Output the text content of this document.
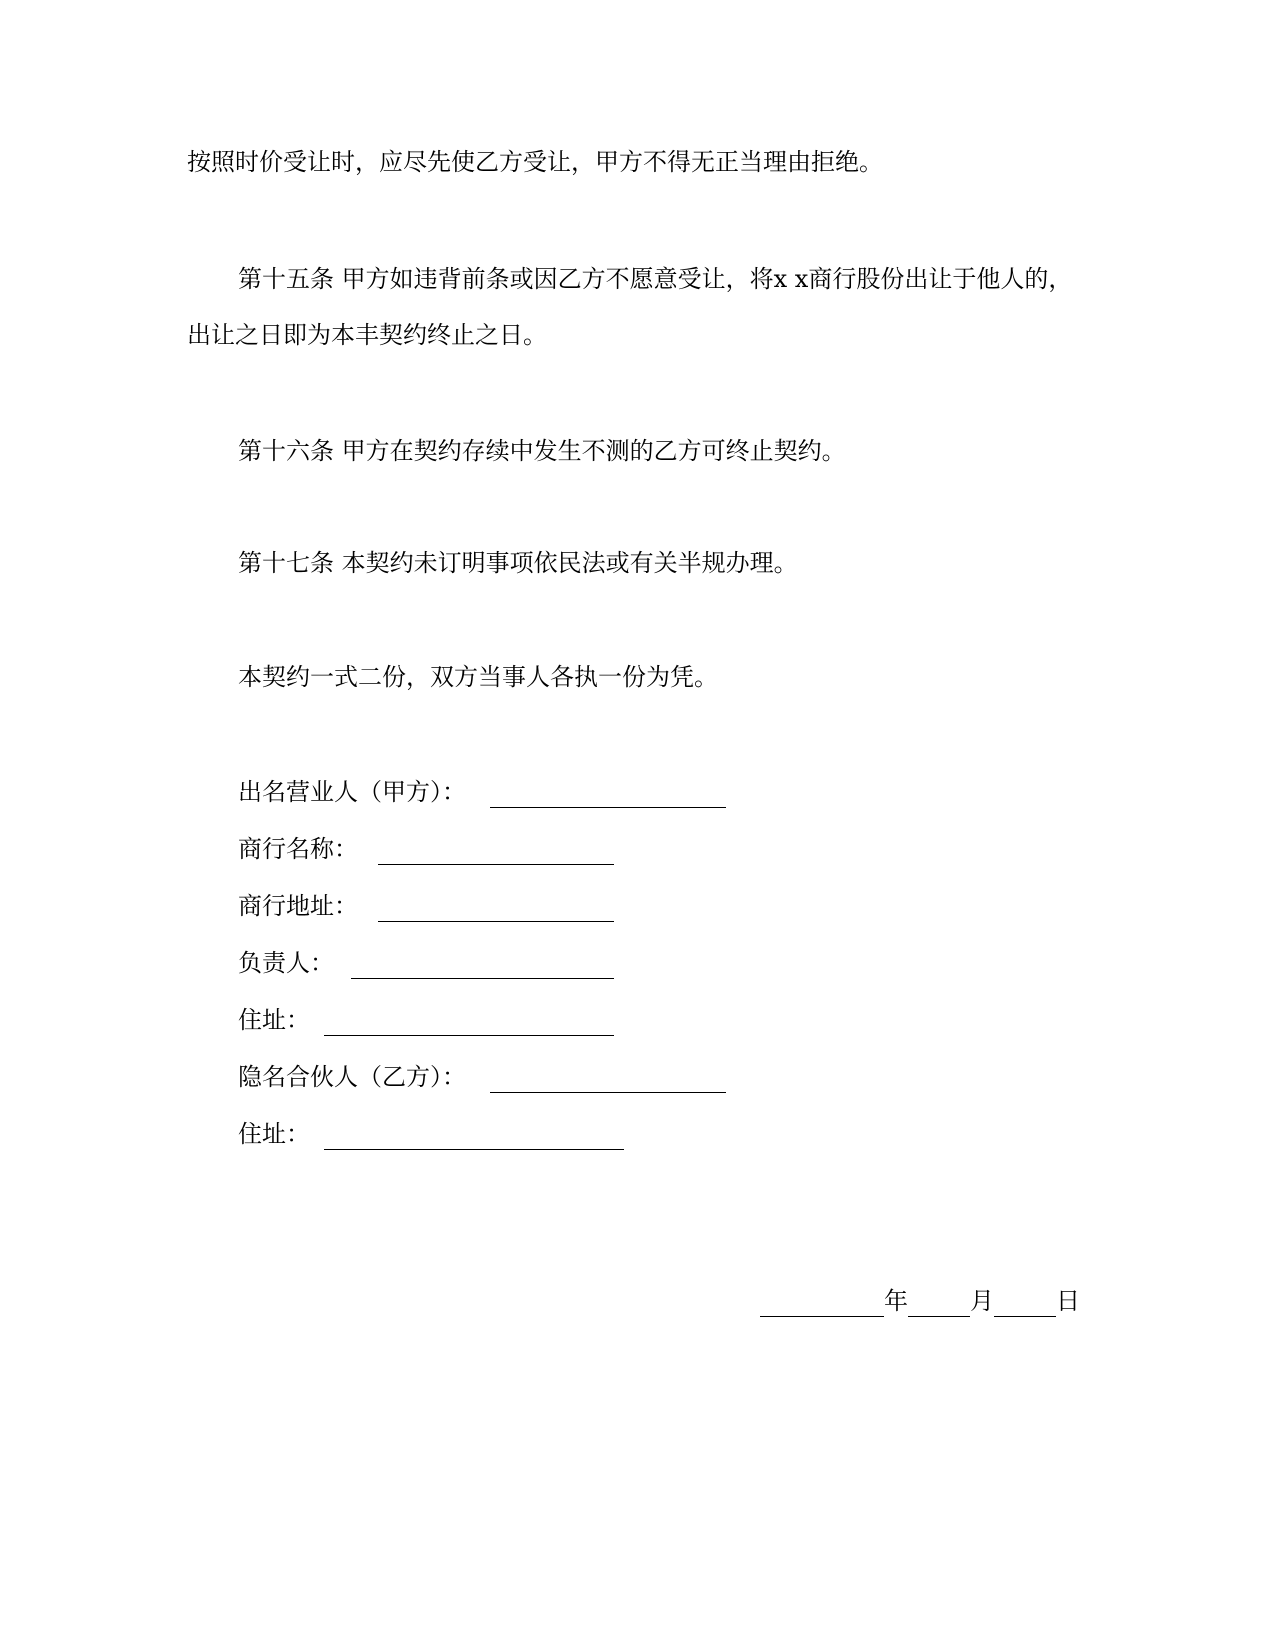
按照时价受让时，应尽先使乙方受让，甲方不得无正当理由拒绝。
第十五条 甲方如违背前条或因乙方不愿意受让，将x x商行股份出让于他人的，
出让之日即为本丰契约终止之日。
第十六条 甲方在契约存续中发生不测的乙方可终止契约。
第十七条 本契约未订明事项依民法或有关半规办理。
本契约一式二份，双方当事人各执一份为凭。
出名营业人（甲方）：
商行名称：
商行地址：
负责人：
住址：
隐名合伙人（乙方）：
住址：
年	月	日
